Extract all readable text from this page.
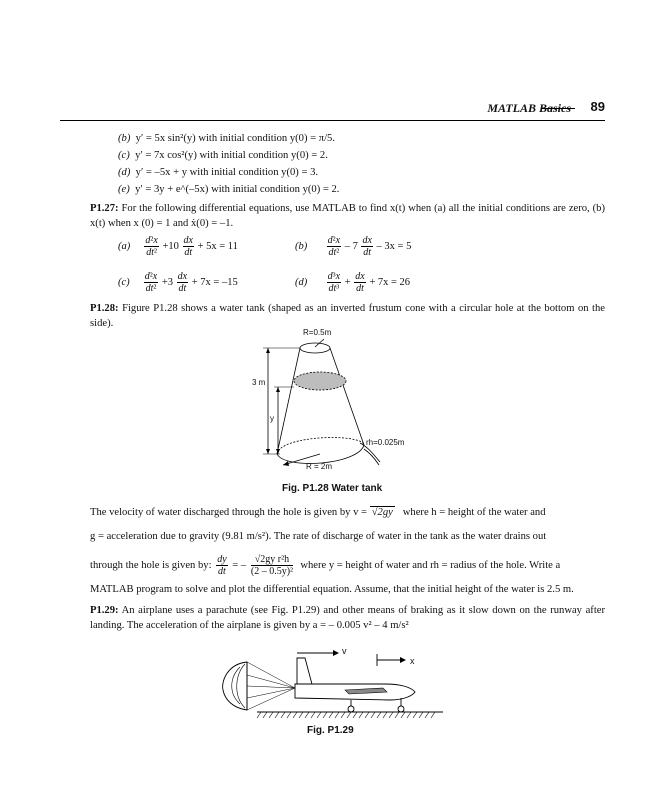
MATLAB Basics 89
(b) y′ = 5x sin²(y) with initial condition y(0) = π/5.
(c) y′ = 7x cos²(y) with initial condition y(0) = 2.
(d) y′ = –5x + y with initial condition y(0) = 3.
(e) y′ = 3y + e^(–5x) with initial condition y(0) = 2.
P1.27: For the following differential equations, use MATLAB to find x(t) when (a) all the initial conditions are zero, (b) x(t) when x (0) = 1 and ẋ(0) = –1.
$(a) \frac{\text{d²x}}{\text{dt²}} +10 \frac{dx}{dt} + 5x = 11$	$(b) \frac{\text{d²x}}{\text{dt²}} - 7 \frac{dx}{dt} - 3x = 5$
$(c) \frac{\text{d²x}}{\text{dt²}} +3 \frac{dx}{dt} + 7x = -15$	$(d) \frac{\text{d³x}}{\text{dt³}} + \frac{dx}{dt} + 7x = 26$
P1.28: Figure P1.28 shows a water tank (shaped as an inverted frustum cone with a circular hole at the bottom on the side).
R=0.5m
3 m
y
rh=0.025m
R = 2m
Fig. P1.28 Water tank
The velocity of water discharged through the hole is given by v = √2gy where h = height of the water and
g = acceleration due to gravity (9.81 m/s²). The rate of discharge of water in the tank as the water drains out
through the hole is given by: $\frac{dy}{dt}$ = – $\frac{\text{√2gy r²h}}{\text{(2 – 0.5y)²}}$ where y = height of water and rh = radius of the hole. Write a
MATLAB program to solve and plot the differential equation. Assume, that the initial height of the water is 2.5 m.
P1.29: An airplane uses a parachute (see Fig. P1.29) and other means of braking as it slow down on the runway after landing. The acceleration of the airplane is given by a = – 0.005 v² – 4 m/s²
v
x
Fig. P1.29
